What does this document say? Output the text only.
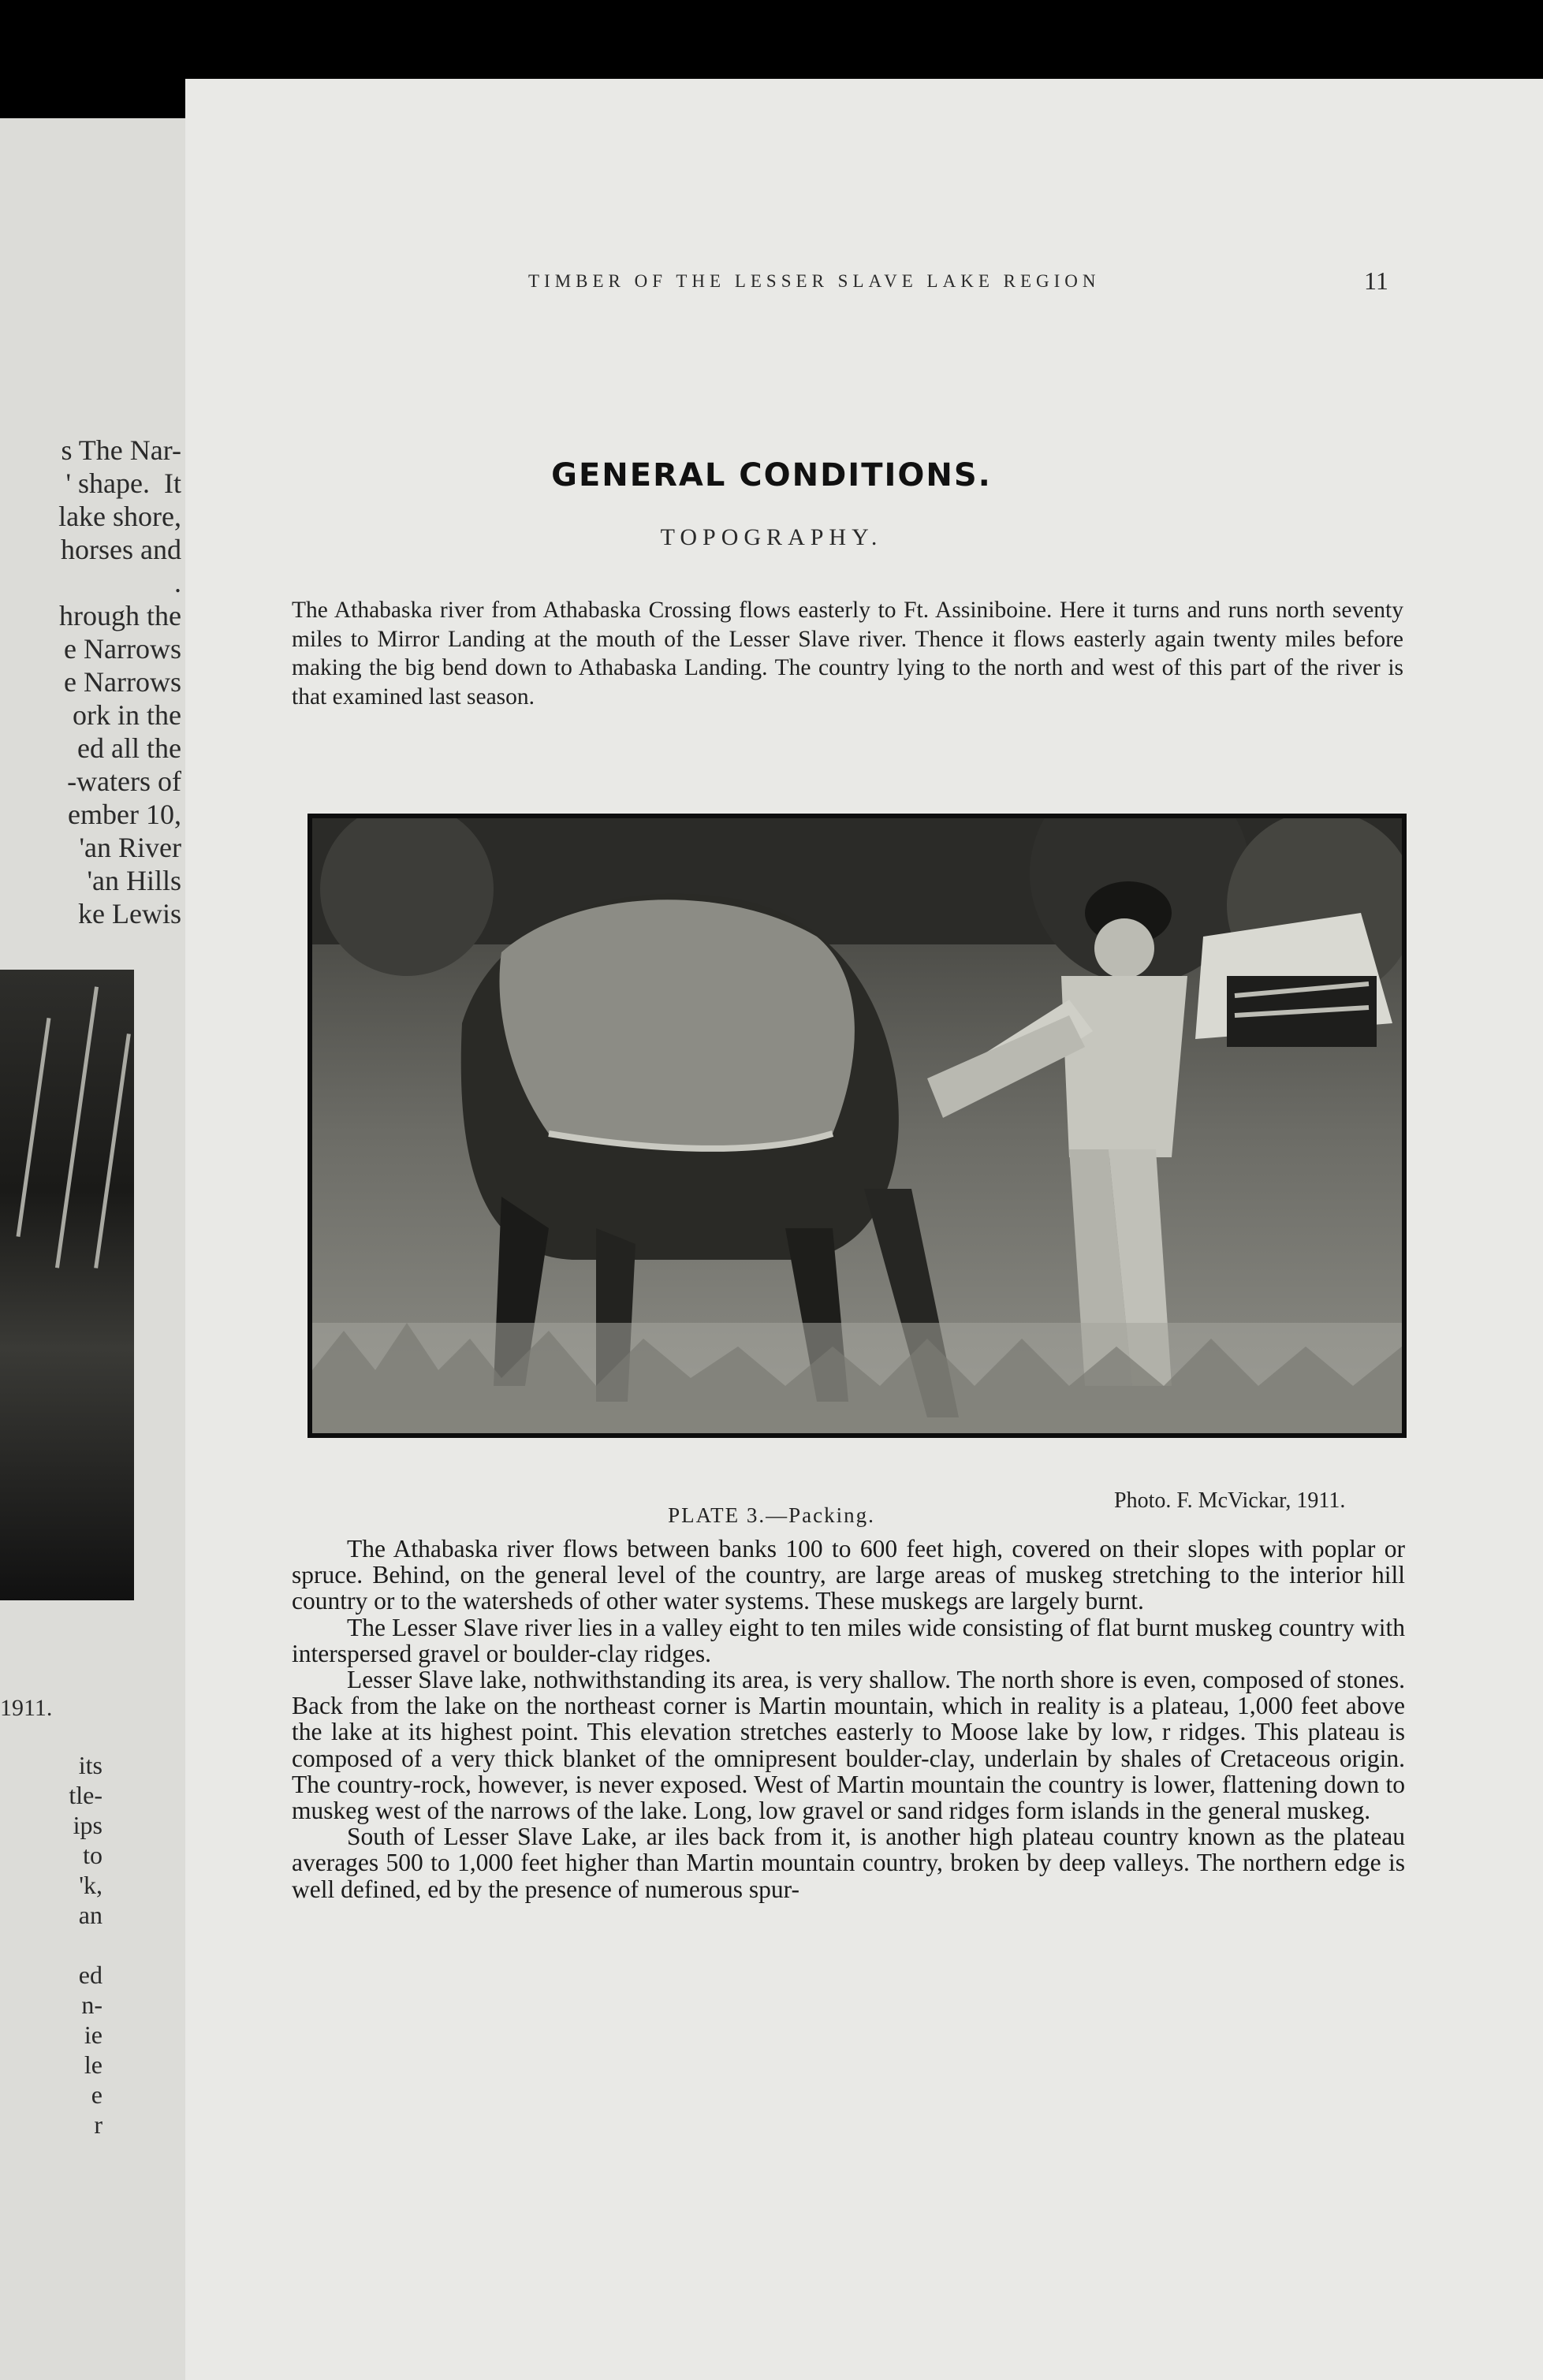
s The Nar-
' shape.  It
lake shore,
horses and
.
hrough the
e Narrows
e Narrows
ork in the
ed all the
-waters of
ember 10,
'an River
'an Hills
ke Lewis
1911.
its
tle-
ips
to
'k,
an

ed
n-
ie
le
e
r
TIMBER OF THE LESSER SLAVE LAKE REGION	11
GENERAL CONDITIONS.
TOPOGRAPHY.
The Athabaska river from Athabaska Crossing flows easterly to Ft. Assiniboine. Here it turns and runs north seventy miles to Mirror Landing at the mouth of the Lesser Slave river. Thence it flows easterly again twenty miles before making the big bend down to Athabaska Landing. The country lying to the north and west of this part of the river is that examined last season.
Photo. F. McVickar, 1911.
PLATE 3.—Packing.

The Athabaska river flows between banks 100 to 600 feet high, covered on their slopes with poplar or spruce. Behind, on the general level of the country, are large areas of muskeg stretching to the interior hill country or to the watersheds of other water systems. These muskegs are largely burnt.

The Lesser Slave river lies in a valley eight to ten miles wide consisting of flat burnt muskeg country with interspersed gravel or boulder-clay ridges.

Lesser Slave lake, nothwithstanding its area, is very shallow. The north shore is even, composed of stones. Back from the lake on the northeast corner is Martin mountain, which in reality is a plateau, 1,000 feet above the lake at its highest point. This elevation stretches easterly to Moose lake by low, r ridges. This plateau is composed of a very thick blanket of the omnipresent boulder-clay, underlain by shales of Cretaceous origin. The country-rock, however, is never exposed. West of Martin mountain the country is lower, flattening down to muskeg west of the narrows of the lake. Long, low gravel or sand ridges form islands in the general muskeg.

South of Lesser Slave Lake, ar iles back from it, is another high plateau country known as the plateau averages 500 to 1,000 feet higher than Martin mountain country, broken by deep valleys. The northern edge is well defined, ed by the presence of numerous spur-
